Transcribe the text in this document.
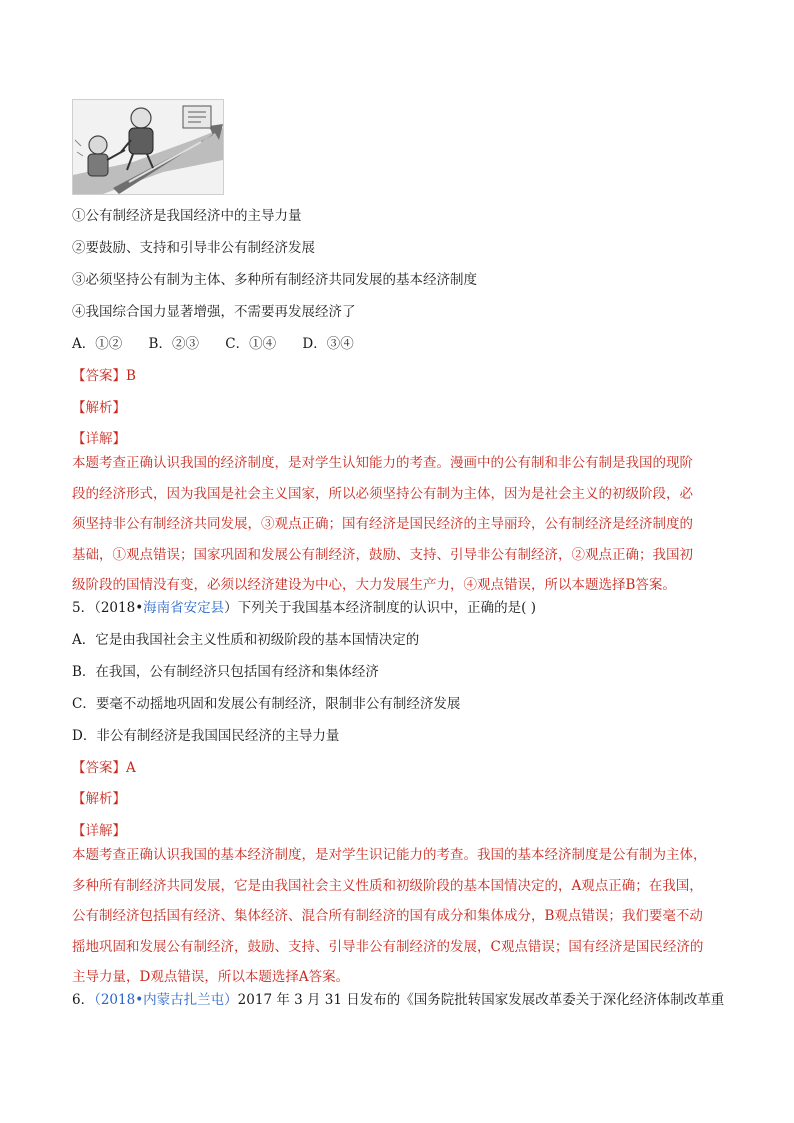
①公有制经济是我国经济中的主导力量
②要鼓励、支持和引导非公有制经济发展
③必须坚持公有制为主体、多种所有制经济共同发展的基本经济制度
④我国综合国力显著增强，不需要再发展经济了
A．①② B．②③ C．①④ D．③④
【答案】B
【解析】
【详解】
本题考查正确认识我国的经济制度，是对学生认知能力的考查。漫画中的公有制和非公有制是我国的现阶
段的经济形式，因为我国是社会主义国家，所以必须坚持公有制为主体，因为是社会主义的初级阶段，必
须坚持非公有制经济共同发展，③观点正确；国有经济是国民经济的主导丽玲，公有制经济是经济制度的
基础，①观点错误；国家巩固和发展公有制经济，鼓励、支持、引导非公有制经济，②观点正确；我国初
级阶段的国情没有变，必须以经济建设为中心，大力发展生产力，④观点错误，所以本题选择B答案。
5．（2018•海南省安定县）下列关于我国基本经济制度的认识中，正确的是( )
A．它是由我国社会主义性质和初级阶段的基本国情决定的
B．在我国，公有制经济只包括国有经济和集体经济
C．要毫不动摇地巩固和发展公有制经济，限制非公有制经济发展
D．非公有制经济是我国国民经济的主导力量
【答案】A
【解析】
【详解】
本题考查正确认识我国的基本经济制度，是对学生识记能力的考查。我国的基本经济制度是公有制为主体，
多种所有制经济共同发展，它是由我国社会主义性质和初级阶段的基本国情决定的，A观点正确；在我国，
公有制经济包括国有经济、集体经济、混合所有制经济的国有成分和集体成分，B观点错误；我们要毫不动
摇地巩固和发展公有制经济，鼓励、支持、引导非公有制经济的发展，C观点错误；国有经济是国民经济的
主导力量，D观点错误，所以本题选择A答案。
6．（2018•内蒙古扎兰屯）2017 年 3 月 31 日发布的《国务院批转国家发展改革委关于深化经济体制改革重
